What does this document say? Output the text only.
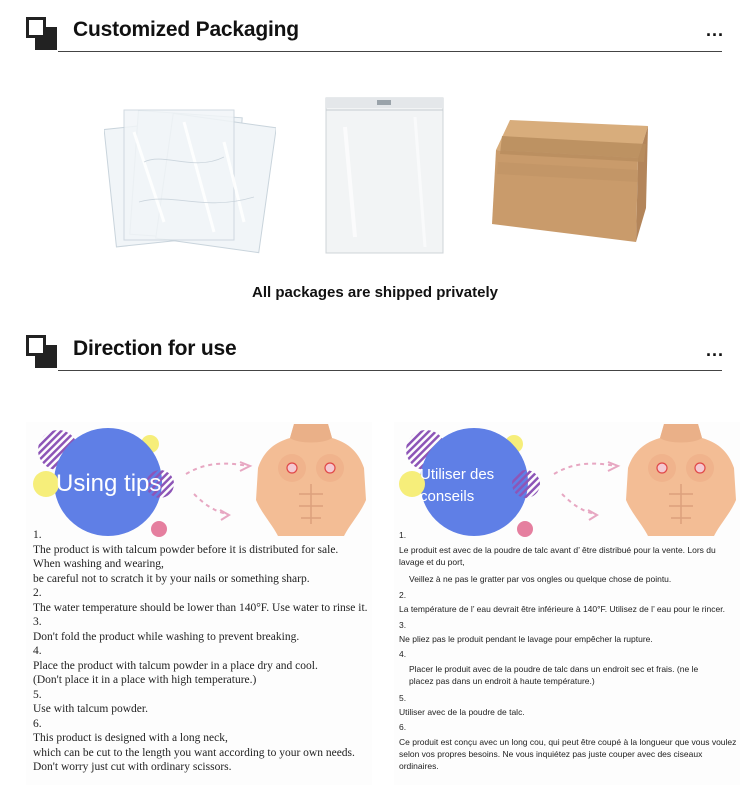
Customized Packaging	...
All packages are shipped privately
Direction for use	...
Using tips
1.
The product is with talcum powder before it is distributed for sale.
When washing and wearing,
be careful not to scratch it by your nails or something sharp.
2.
The water temperature should be lower than 140°F. Use water to rinse it.
3.
Don't fold the product while washing to prevent breaking.
4.
Place the product with talcum powder in a place dry and cool.
(Don't place it in a place with high temperature.)
5.
Use with talcum powder.
6.
This product is designed with a long neck,
which can be cut to the length you want according to your own needs.
Don't worry just cut with ordinary scissors.
Utiliser des
conseils
1.
Le produit est avec de la poudre de talc avant d’ être distribué pour la vente. Lors du
lavage et du port,
Veillez à ne pas le gratter par vos ongles ou quelque chose de pointu.
2.
La température de l’ eau devrait être inférieure à 140°F. Utilisez de l’ eau pour le rincer.
3.
Ne pliez pas le produit pendant le lavage pour empêcher la rupture.
4.
Placer le produit avec de la poudre de talc dans un endroit sec et frais. (ne le
placez pas dans un endroit à haute température.)
5.
Utiliser avec de la poudre de talc.
6.
Ce produit est conçu avec un long cou, qui peut être coupé à la longueur que vous voulez
selon vos propres besoins. Ne vous inquiétez pas juste couper avec des ciseaux
ordinaires.
